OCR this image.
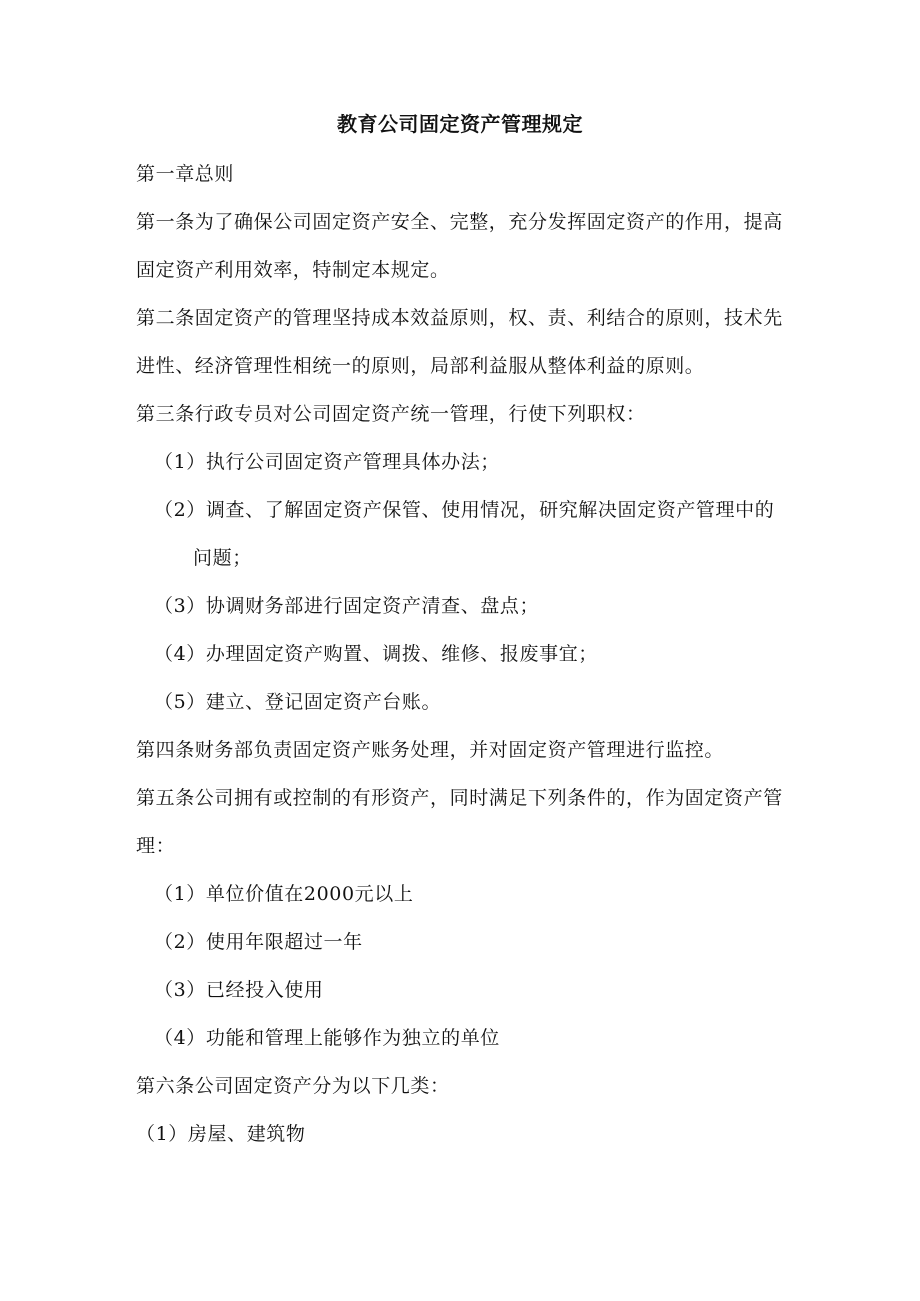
教育公司固定资产管理规定

第一章总则

第一条为了确保公司固定资产安全、完整，充分发挥固定资产的作用，提高固定资产利用效率，特制定本规定。

第二条固定资产的管理坚持成本效益原则，权、责、利结合的原则，技术先进性、经济管理性相统一的原则，局部利益服从整体利益的原则。

第三条行政专员对公司固定资产统一管理，行使下列职权：

（1）执行公司固定资产管理具体办法；

（2）调查、了解固定资产保管、使用情况，研究解决固定资产管理中的问题；

（3）协调财务部进行固定资产清查、盘点；

（4）办理固定资产购置、调拨、维修、报废事宜；

（5）建立、登记固定资产台账。

第四条财务部负责固定资产账务处理，并对固定资产管理进行监控。

第五条公司拥有或控制的有形资产，同时满足下列条件的，作为固定资产管理：

（1）单位价值在2000元以上

（2）使用年限超过一年

（3）已经投入使用

（4）功能和管理上能够作为独立的单位

第六条公司固定资产分为以下几类：

（1）房屋、建筑物
